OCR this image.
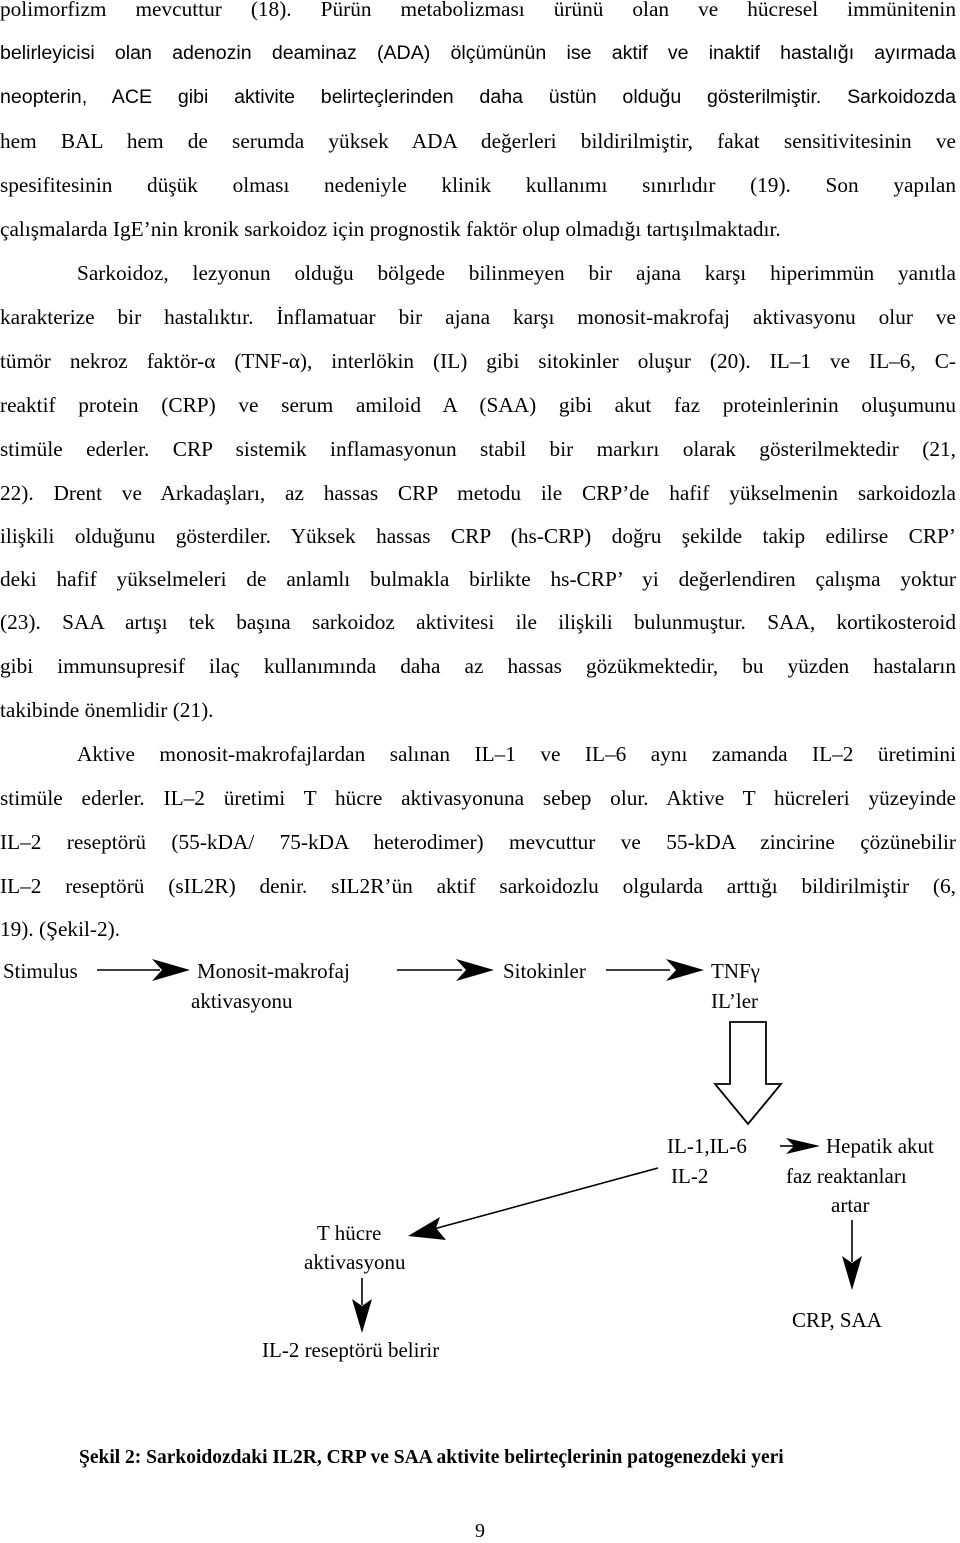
polimorfizm mevcuttur (18). Pürün metabolizması ürünü olan ve hücresel immünitenin
belirleyicisi olan adenozin deaminaz (ADA) ölçümünün ise aktif ve inaktif hastalığı ayırmada
neopterin, ACE gibi aktivite belirteçlerinden daha üstün olduğu gösterilmiştir. Sarkoidozda
hem BAL hem de serumda yüksek ADA değerleri bildirilmiştir, fakat sensitivitesinin ve
spesifitesinin düşük olması nedeniyle klinik kullanımı sınırlıdır (19). Son yapılan
çalışmalarda IgE’nin kronik sarkoidoz için prognostik faktör olup olmadığı tartışılmaktadır.
Sarkoidoz, lezyonun olduğu bölgede bilinmeyen bir ajana karşı hiperimmün yanıtla
karakterize bir hastalıktır. İnflamatuar bir ajana karşı monosit-makrofaj aktivasyonu olur ve
tümör nekroz faktör-α (TNF-α), interlökin (IL) gibi sitokinler oluşur (20). IL–1 ve IL–6, C-
reaktif protein (CRP) ve serum amiloid A (SAA) gibi akut faz proteinlerinin oluşumunu
stimüle ederler. CRP sistemik inflamasyonun stabil bir markırı olarak gösterilmektedir (21,
22). Drent ve Arkadaşları, az hassas CRP metodu ile CRP’de hafif yükselmenin sarkoidozla
ilişkili olduğunu gösterdiler. Yüksek hassas CRP (hs-CRP) doğru şekilde takip edilirse CRP’
deki hafif yükselmeleri de anlamlı bulmakla birlikte hs-CRP’ yi değerlendiren çalışma yoktur
(23). SAA artışı tek başına sarkoidoz aktivitesi ile ilişkili bulunmuştur. SAA, kortikosteroid
gibi immunsupresif ilaç kullanımında daha az hassas gözükmektedir, bu yüzden hastaların
takibinde önemlidir (21).
Aktive monosit-makrofajlardan salınan IL–1 ve IL–6 aynı zamanda IL–2 üretimini
stimüle ederler. IL–2 üretimi T hücre aktivasyonuna sebep olur. Aktive T hücreleri yüzeyinde
IL–2 reseptörü (55-kDA/ 75-kDA heterodimer) mevcuttur ve 55-kDA zincirine çözünebilir
IL–2 reseptörü (sIL2R) denir. sIL2R’ün aktif sarkoidozlu olgularda arttığı bildirilmiştir (6,
19). (Şekil-2).
Stimulus	Monosit-makrofaj
aktivasyonu
Sitokinler	TNFγ
IL’ler
IL-1,IL-6
IL-2
Hepatik akut
faz reaktanları
artar
T hücre
aktivasyonu
IL-2 reseptörü belirir
CRP, SAA
Şekil 2: Sarkoidozdaki IL2R, CRP ve SAA aktivite belirteçlerinin patogenezdeki yeri
9
